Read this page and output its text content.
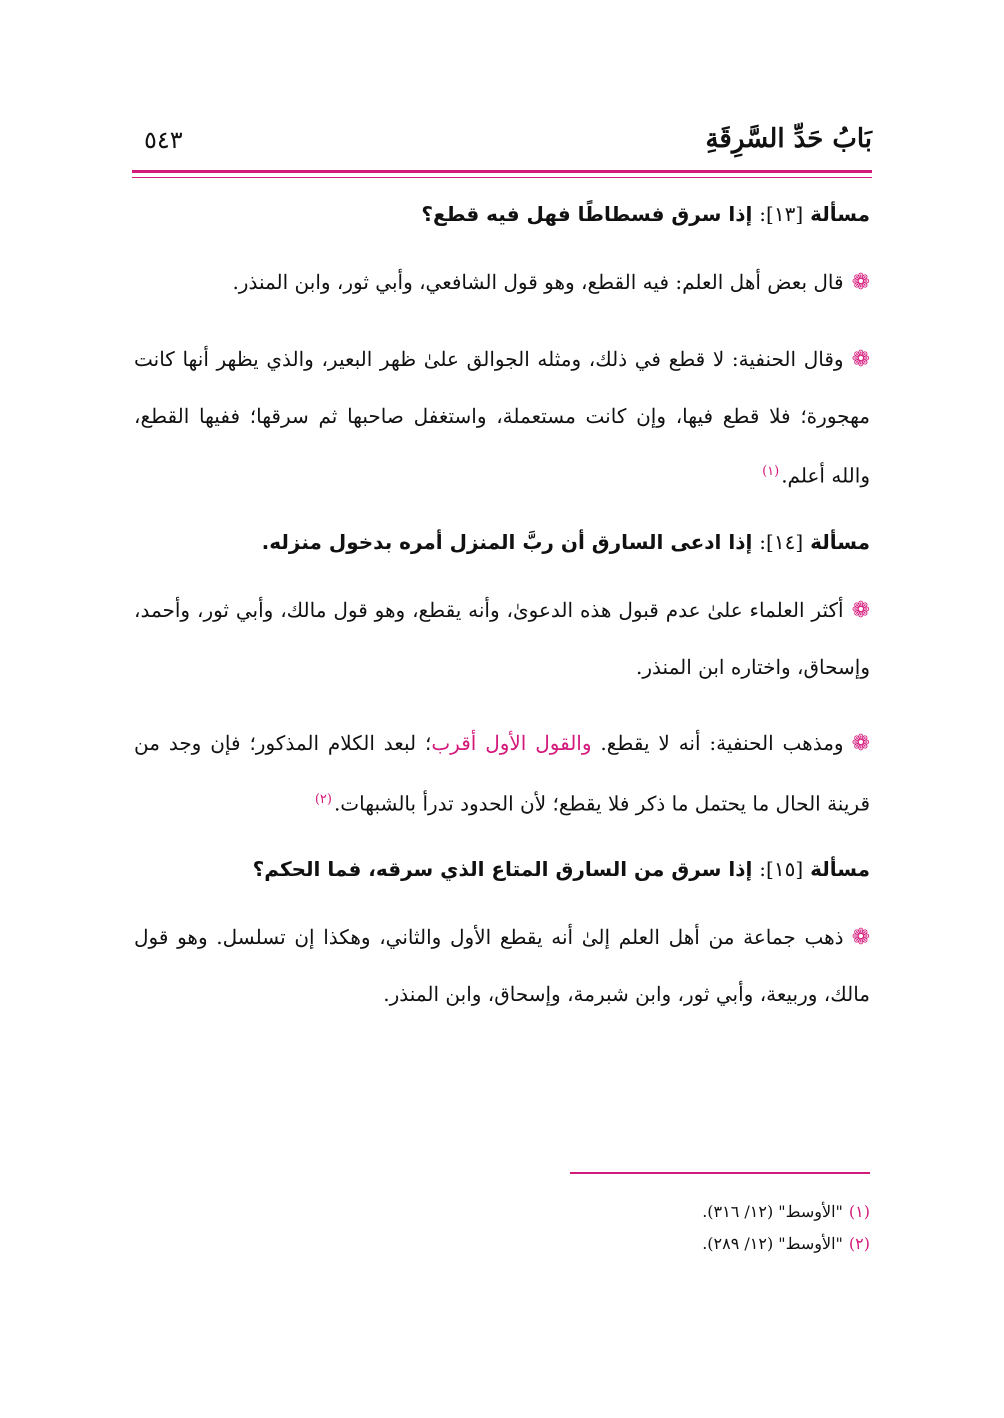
بَابُ حَدِّ السَّرِقَةِ
٥٤٣
مسألة [١٣]: إذا سرق فسطاطًا فهل فيه قطع؟
❁قال بعض أهل العلم: فيه القطع، وهو قول الشافعي، وأبي ثور، وابن المنذر.
❁وقال الحنفية: لا قطع في ذلك، ومثله الجوالق علىٰ ظهر البعير، والذي يظهر أنها كانت مهجورة؛ فلا قطع فيها، وإن كانت مستعملة، واستغفل صاحبها ثم سرقها؛ ففيها القطع، والله أعلم.$^{(١)}$
مسألة [١٤]: إذا ادعى السارق أن ربَّ المنزل أمره بدخول منزله.
❁أكثر العلماء علىٰ عدم قبول هذه الدعوىٰ، وأنه يقطع، وهو قول مالك، وأبي ثور، وأحمد، وإسحاق، واختاره ابن المنذر.
❁ومذهب الحنفية: أنه لا يقطع. والقول الأول أقرب؛ لبعد الكلام المذكور؛ فإن وجد من قرينة الحال ما يحتمل ما ذكر فلا يقطع؛ لأن الحدود تدرأ بالشبهات.$^{(٢)}$
مسألة [١٥]: إذا سرق من السارق المتاع الذي سرقه، فما الحكم؟
❁ذهب جماعة من أهل العلم إلىٰ أنه يقطع الأول والثاني، وهكذا إن تسلسل. وهو قول مالك، وربيعة، وأبي ثور، وابن شبرمة، وإسحاق، وابن المنذر.
(١)"الأوسط" (١٢/ ٣١٦).
(٢)"الأوسط" (١٢/ ٢٨٩).
